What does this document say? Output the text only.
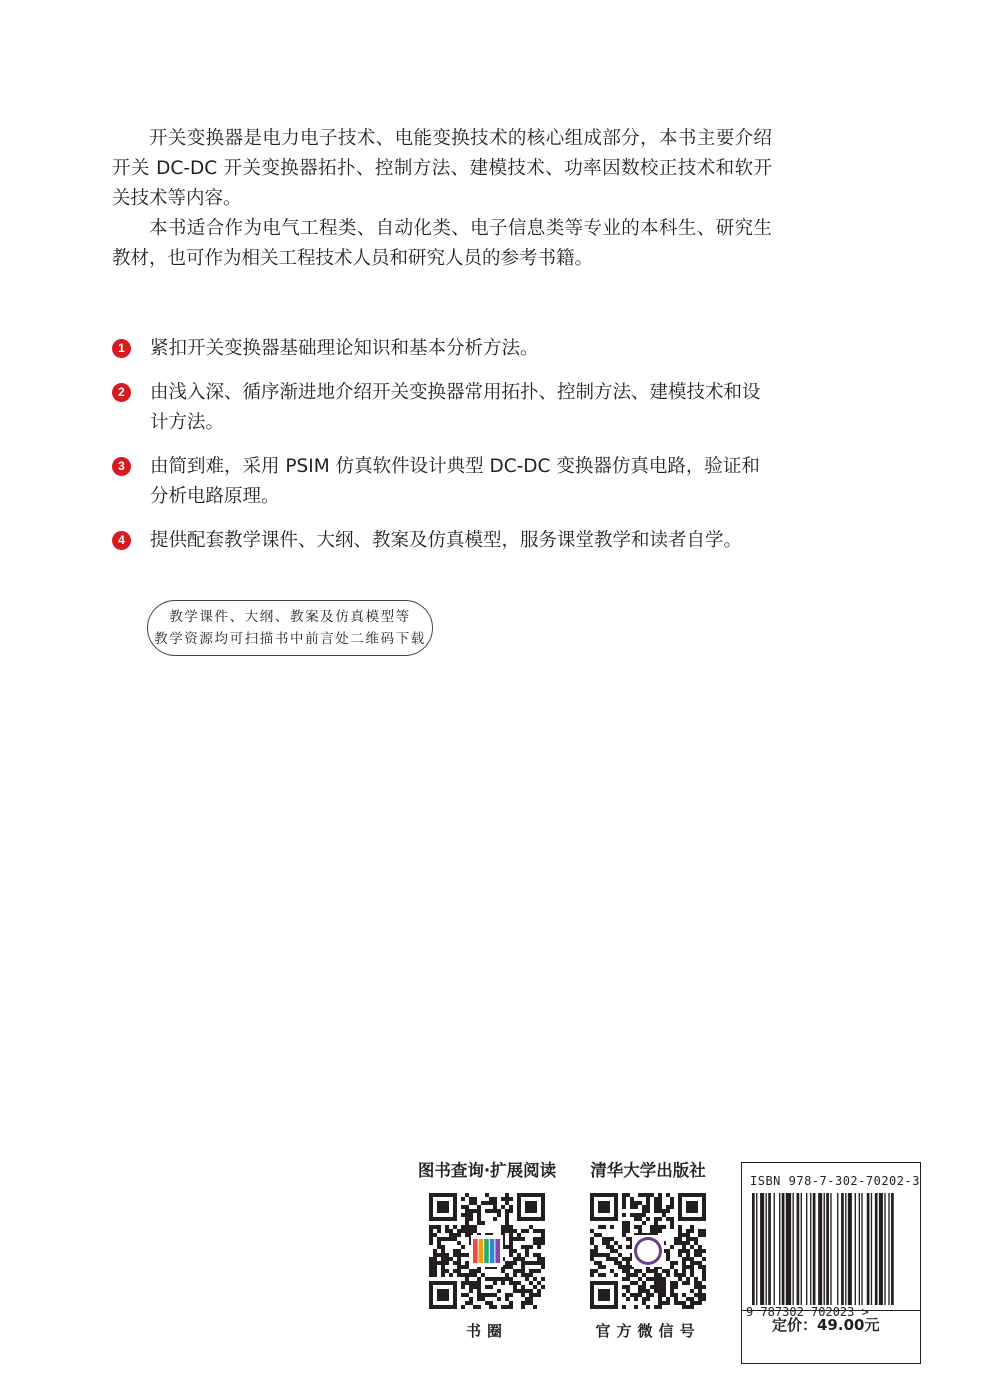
开关变换器是电力电子技术、电能变换技术的核心组成部分，本书主要介绍开关 DC-DC 开关变换器拓扑、控制方法、建模技术、功率因数校正技术和软开关技术等内容。

本书适合作为电气工程类、自动化类、电子信息类等专业的本科生、研究生教材，也可作为相关工程技术人员和研究人员的参考书籍。

1	紧扣开关变换器基础理论知识和基本分析方法。
2	由浅入深、循序渐进地介绍开关变换器常用拓扑、控制方法、建模技术和设计方法。
3	由简到难，采用 PSIM 仿真软件设计典型 DC-DC 变换器仿真电路，验证和分析电路原理。
4	提供配套教学课件、大纲、教案及仿真模型，服务课堂教学和读者自学。
教学课件、大纲、教案及仿真模型等
教学资源均可扫描书中前言处二维码下载
图书查询·扩展阅读
书圈
清华大学出版社
官方微信号
ISBN 978-7-302-70202-3
9 787302 702023 >
定价：49.00元
